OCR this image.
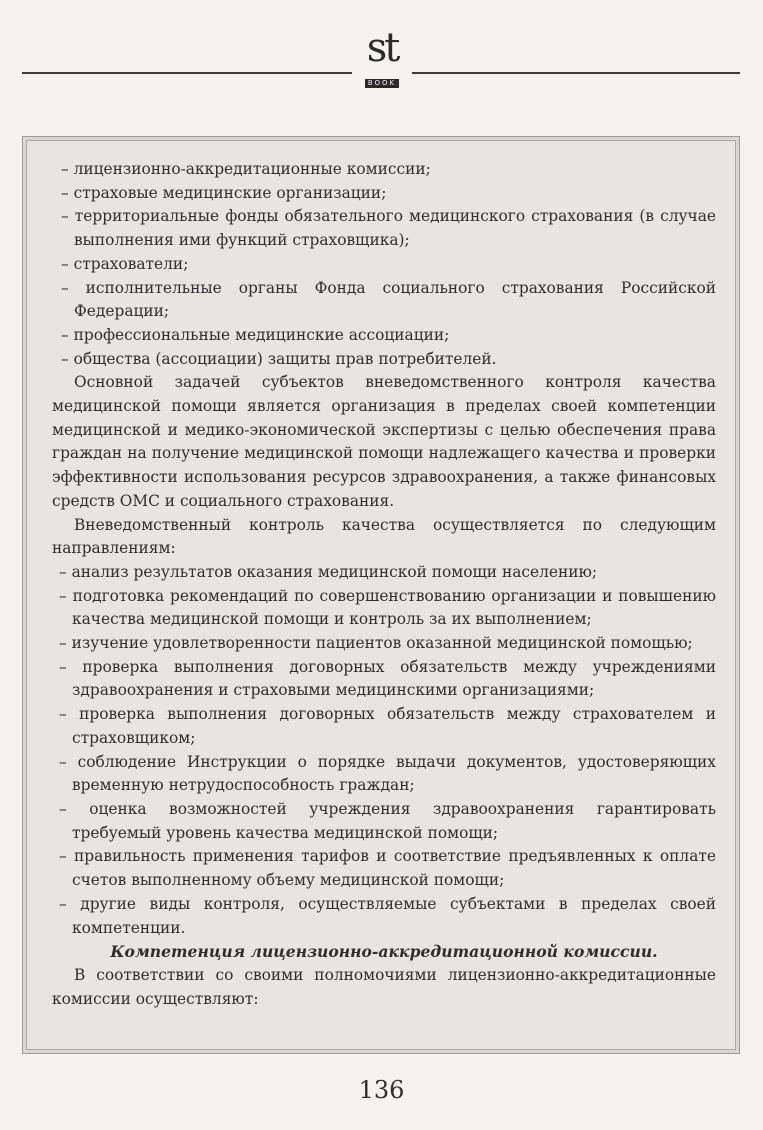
st
BOOK

– лицензионно-аккредитационные комиссии;

– страховые медицинские организации;

– территориальные фонды обязательного медицинского страхования (в случае выполнения ими функций страховщика);

– страхователи;

– исполнительные органы Фонда социального страхования Российской Федерации;

– профессиональные медицинские ассоциации;

– общества (ассоциации) защиты прав потребителей.

Основной задачей субъектов вневедомственного контроля качества медицинской помощи является организация в пределах своей компетенции медицинской и медико-экономической экспертизы с целью обеспечения права граждан на получение медицинской помощи надлежащего качества и проверки эффективности использования ресурсов здравоохранения, а также финансовых средств ОМС и социального страхования.

Вневедомственный контроль качества осуществляется по следующим направлениям:

– анализ результатов оказания медицинской помощи населению;

– подготовка рекомендаций по совершенствованию организации и повышению качества медицинской помощи и контроль за их выполнением;

– изучение удовлетворенности пациентов оказанной медицинской помощью;

– проверка выполнения договорных обязательств между учреждениями здравоохранения и страховыми медицинскими организациями;

– проверка выполнения договорных обязательств между страхователем и страховщиком;

– соблюдение Инструкции о порядке выдачи документов, удостоверяющих временную нетрудоспособность граждан;

– оценка возможностей учреждения здравоохранения гарантировать требуемый уровень качества медицинской помощи;

– правильность применения тарифов и соответствие предъявленных к оплате счетов выполненному объему медицинской помощи;

– другие виды контроля, осуществляемые субъектами в пределах своей компетенции.

Компетенция лицензионно-аккредитационной комиссии.

В соответствии со своими полномочиями лицензионно-аккредитационные комиссии осуществляют:

136
